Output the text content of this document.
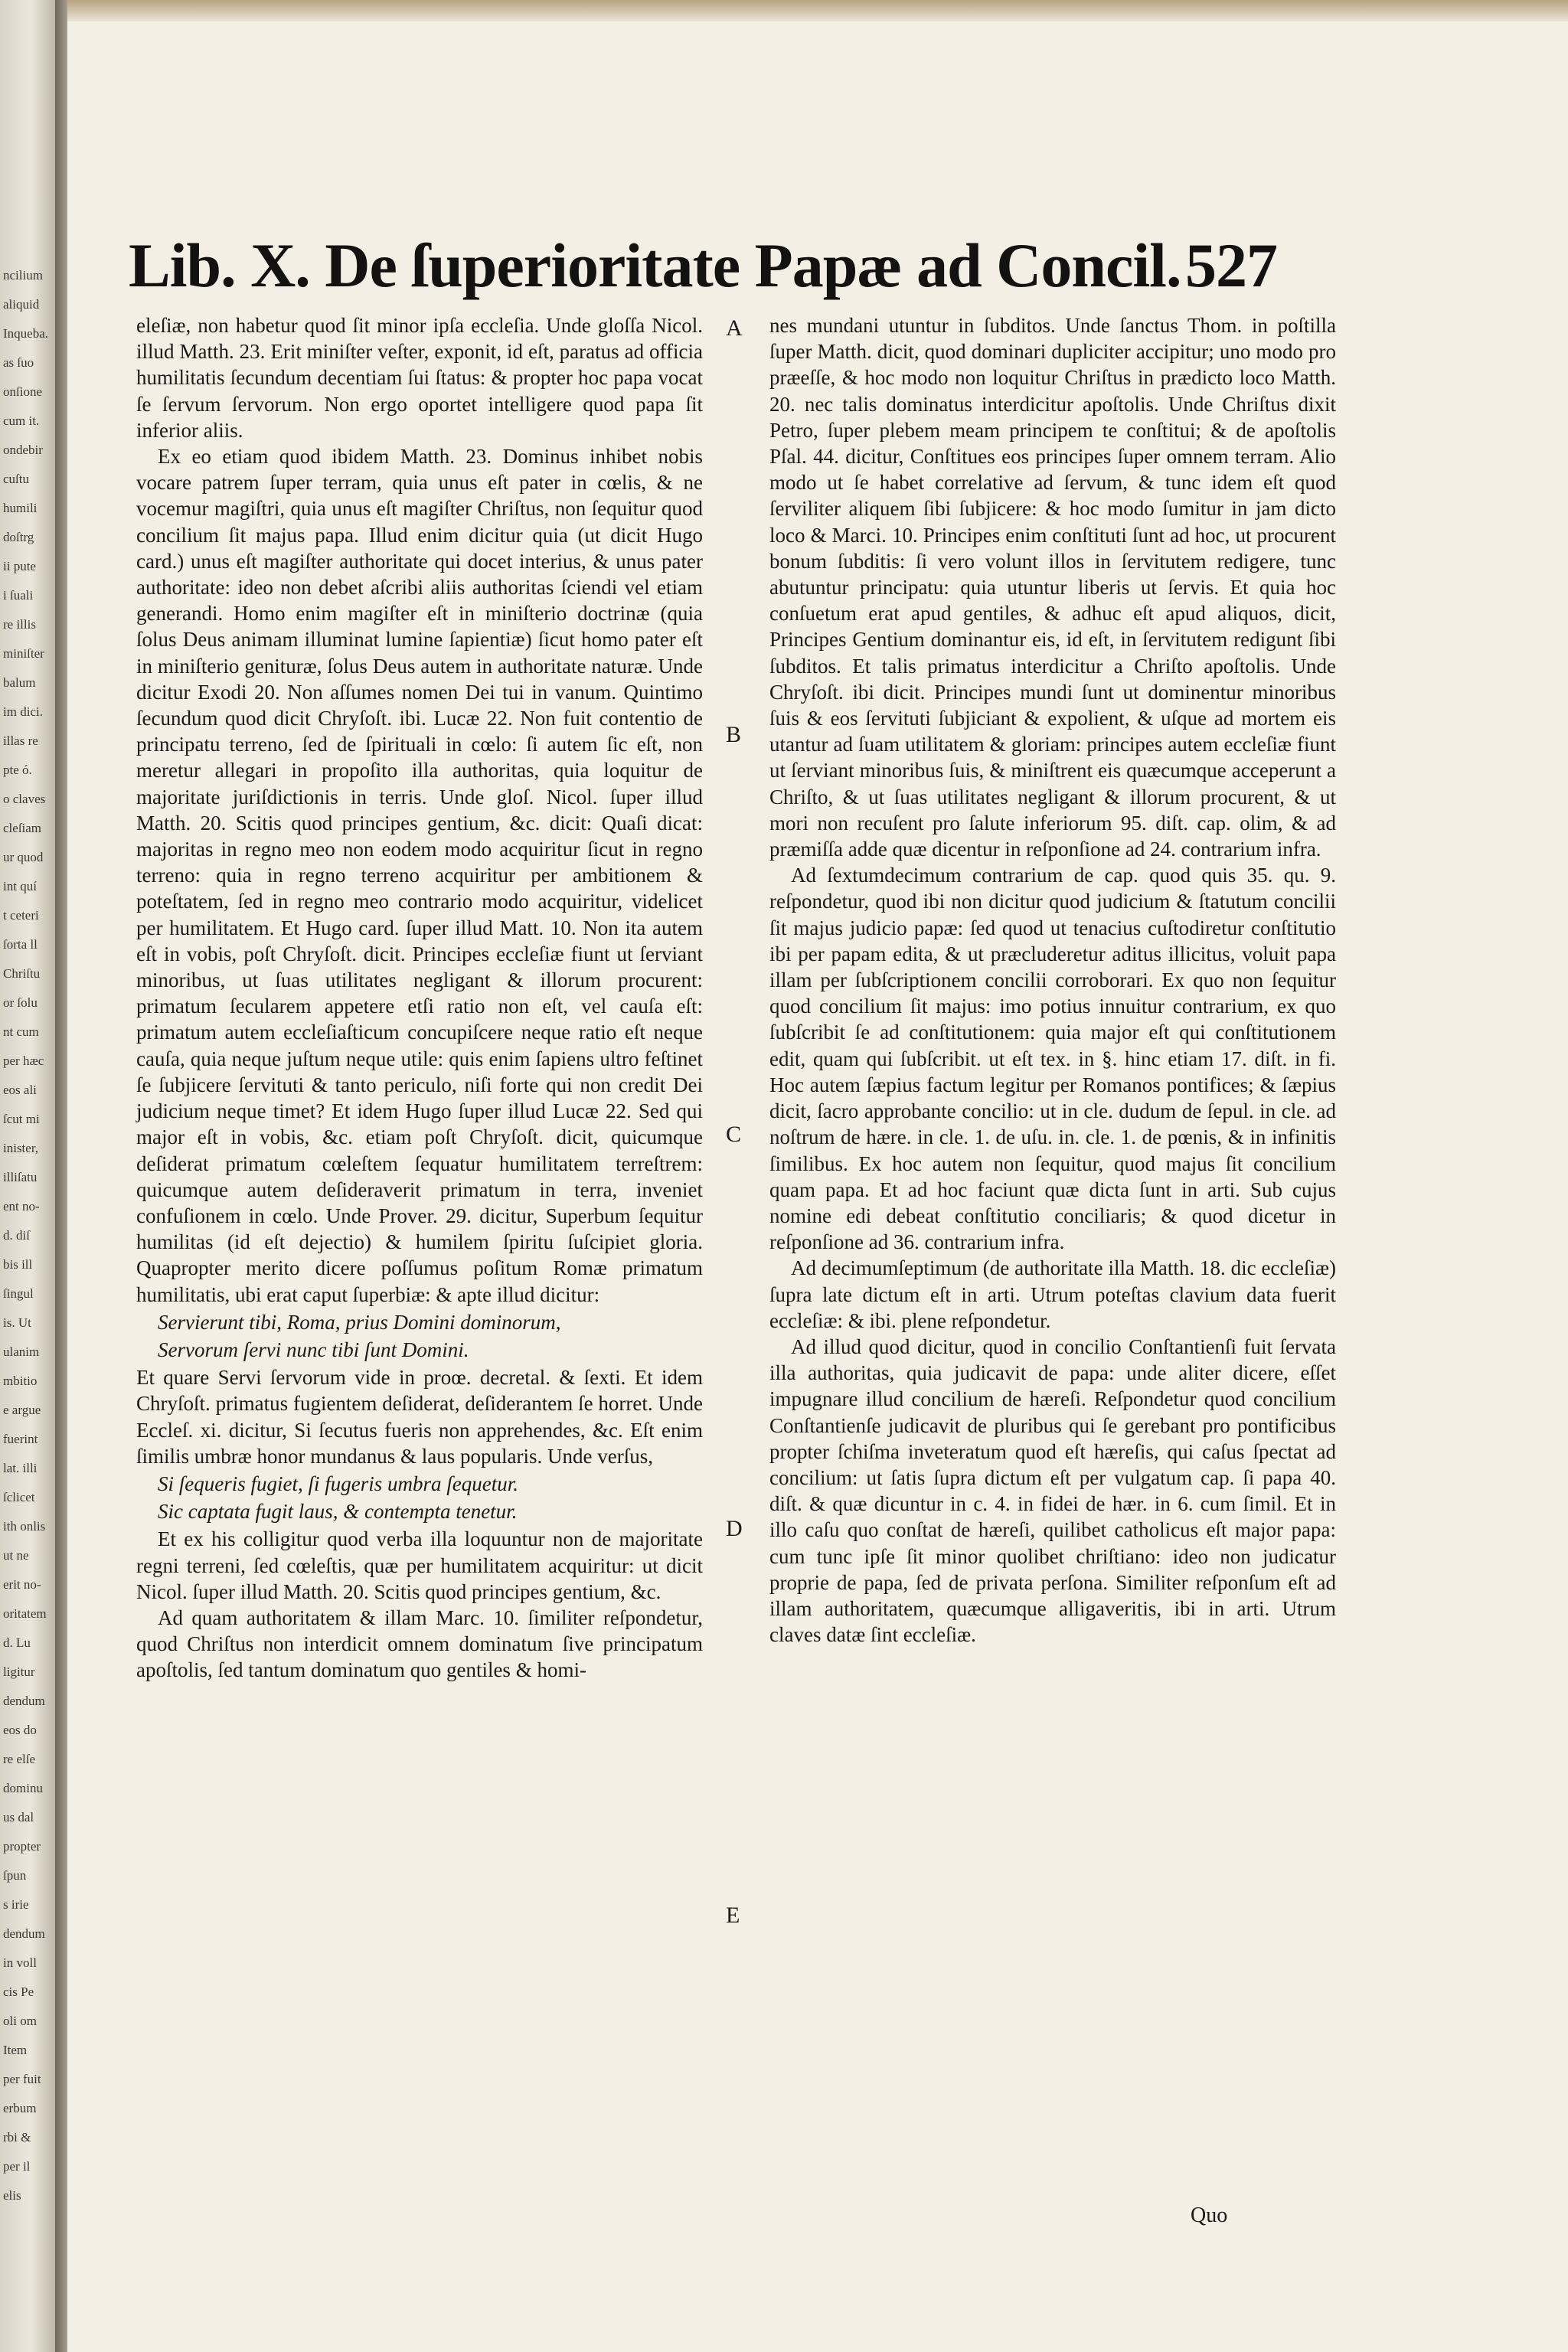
ncilium
aliquid
Inqueba.
as ſuo
onſione
cum it.
ondebir
cuſtu
humili
doſtrg
ii pute
i ſuali
re illis
miniſter
balum
im dici.
illas re
pte ó.
o claves
cleſiam
ur quod
int quí
t ceteri
ſorta ll
Chriſtu
or ſolu
nt cum
per hæc
eos ali
ſcut mi
inister,
illiſatu
ent no-
d. diſ
bis ill
ſingul
is. Ut
ulanim
mbitio
e argue
fuerint
lat. illi
ſclicet
ith onlis
ut ne
erit no-
oritatem
d. Lu
ligitur
dendum
eos do
re elſe
dominu
us dal
propter
ſpun
s irie
dendum
in voll
cis Pe
oli om
Item
per fuit
erbum
rbi &
per il
elis
Lib. X. De ſuperioritate Papæ ad Concil. 527

eleſiæ, non habetur quod ſit minor ipſa eccleſia. Unde gloſſa Nicol. illud Matth. 23. Erit miniſter veſter, exponit, id eſt, paratus ad officia humilitatis ſecundum decentiam ſui ſtatus: & propter hoc papa vocat ſe ſervum ſervorum. Non ergo oportet intelligere quod papa ſit inferior aliis.

Ex eo etiam quod ibidem Matth. 23. Dominus inhibet nobis vocare patrem ſuper terram, quia unus eſt pater in cœlis, & ne vocemur magiſtri, quia unus eſt magiſter Chriſtus, non ſequitur quod concilium ſit majus papa. Illud enim dicitur quia (ut dicit Hugo card.) unus eſt magiſter authoritate qui docet interius, & unus pater authoritate: ideo non debet aſcribi aliis authoritas ſciendi vel etiam generandi. Homo enim magiſter eſt in miniſterio doctrinæ (quia ſolus Deus animam illuminat lumine ſapientiæ) ſicut homo pater eſt in miniſterio genituræ, ſolus Deus autem in authoritate naturæ. Unde dicitur Exodi 20. Non aſſumes nomen Dei tui in vanum. Quintimo ſecundum quod dicit Chryſoſt. ibi. Lucæ 22. Non fuit contentio de principatu terreno, ſed de ſpirituali in cœlo: ſi autem ſic eſt, non meretur allegari in propoſito illa authoritas, quia loquitur de majoritate juriſdictionis in terris. Unde gloſ. Nicol. ſuper illud Matth. 20. Scitis quod principes gentium, &c. dicit: Quaſi dicat: majoritas in regno meo non eodem modo acquiritur ſicut in regno terreno: quia in regno terreno acquiritur per ambitionem & poteſtatem, ſed in regno meo contrario modo acquiritur, videlicet per humilitatem. Et Hugo card. ſuper illud Matt. 10. Non ita autem eſt in vobis, poſt Chryſoſt. dicit. Principes eccleſiæ fiunt ut ſerviant minoribus, ut ſuas utilitates negligant & illorum procurent: primatum ſecularem appetere etſi ratio non eſt, vel cauſa eſt: primatum autem eccleſiaſticum concupiſcere neque ratio eſt neque cauſa, quia neque juſtum neque utile: quis enim ſapiens ultro feſtinet ſe ſubjicere ſervituti & tanto periculo, niſi forte qui non credit Dei judicium neque timet? Et idem Hugo ſuper illud Lucæ 22. Sed qui major eſt in vobis, &c. etiam poſt Chryſoſt. dicit, quicumque deſiderat primatum cœleſtem ſequatur humilitatem terreſtrem: quicumque autem deſideraverit primatum in terra, inveniet confuſionem in cœlo. Unde Prover. 29. dicitur, Superbum ſequitur humilitas (id eſt dejectio) & humilem ſpiritu ſuſcipiet gloria. Quapropter merito dicere poſſumus poſitum Romæ primatum humilitatis, ubi erat caput ſuperbiæ: & apte illud dicitur:

Servierunt tibi, Roma, prius Domini dominorum,
Servorum ſervi nunc tibi ſunt Domini.

Et quare Servi ſervorum vide in proœ. decretal. & ſexti. Et idem Chryſoſt. primatus fugientem deſiderat, deſiderantem ſe horret. Unde Eccleſ. xi. dicitur, Si ſecutus fueris non apprehendes, &c. Eſt enim ſimilis umbræ honor mundanus & laus popularis. Unde verſus,

Si ſequeris fugiet, ſi fugeris umbra ſequetur.
Sic captata fugit laus, & contempta tenetur.

Et ex his colligitur quod verba illa loquuntur non de majoritate regni terreni, ſed cœleſtis, quæ per humilitatem acquiritur: ut dicit Nicol. ſuper illud Matth. 20. Scitis quod principes gentium, &c.

Ad quam authoritatem & illam Marc. 10. ſimiliter reſpondetur, quod Chriſtus non interdicit omnem dominatum ſive principatum apoſtolis, ſed tantum dominatum quo gentiles & homi-

nes mundani utuntur in ſubditos. Unde ſanctus Thom. in poſtilla ſuper Matth. dicit, quod dominari dupliciter accipitur; uno modo pro præeſſe, & hoc modo non loquitur Chriſtus in prædicto loco Matth. 20. nec talis dominatus interdicitur apoſtolis. Unde Chriſtus dixit Petro, ſuper plebem meam principem te conſtitui; & de apoſtolis Pſal. 44. dicitur, Conſtitues eos principes ſuper omnem terram. Alio modo ut ſe habet correlative ad ſervum, & tunc idem eſt quod ſerviliter aliquem ſibi ſubjicere: & hoc modo ſumitur in jam dicto loco & Marci. 10. Principes enim conſtituti ſunt ad hoc, ut procurent bonum ſubditis: ſi vero volunt illos in ſervitutem redigere, tunc abutuntur principatu: quia utuntur liberis ut ſervis. Et quia hoc conſuetum erat apud gentiles, & adhuc eſt apud aliquos, dicit, Principes Gentium dominantur eis, id eſt, in ſervitutem redigunt ſibi ſubditos. Et talis primatus interdicitur a Chriſto apoſtolis. Unde Chryſoſt. ibi dicit. Principes mundi ſunt ut dominentur minoribus ſuis & eos ſervituti ſubjiciant & expolient, & uſque ad mortem eis utantur ad ſuam utilitatem & gloriam: principes autem eccleſiæ fiunt ut ſerviant minoribus ſuis, & miniſtrent eis quæcumque acceperunt a Chriſto, & ut ſuas utilitates negligant & illorum procurent, & ut mori non recuſent pro ſalute inferiorum 95. diſt. cap. olim, & ad præmiſſa adde quæ dicentur in reſponſione ad 24. contrarium infra.

Ad ſextumdecimum contrarium de cap. quod quis 35. qu. 9. reſpondetur, quod ibi non dicitur quod judicium & ſtatutum concilii ſit majus judicio papæ: ſed quod ut tenacius cuſtodiretur conſtitutio ibi per papam edita, & ut præcluderetur aditus illicitus, voluit papa illam per ſubſcriptionem concilii corroborari. Ex quo non ſequitur quod concilium ſit majus: imo potius innuitur contrarium, ex quo ſubſcribit ſe ad conſtitutionem: quia major eſt qui conſtitutionem edit, quam qui ſubſcribit. ut eſt tex. in §. hinc etiam 17. diſt. in fi. Hoc autem ſæpius factum legitur per Romanos pontifices; & ſæpius dicit, ſacro approbante concilio: ut in cle. dudum de ſepul. in cle. ad noſtrum de hære. in cle. 1. de uſu. in. cle. 1. de pœnis, & in infinitis ſimilibus. Ex hoc autem non ſequitur, quod majus ſit concilium quam papa. Et ad hoc faciunt quæ dicta ſunt in arti. Sub cujus nomine edi debeat conſtitutio conciliaris; & quod dicetur in reſponſione ad 36. contrarium infra.

Ad decimumſeptimum (de authoritate illa Matth. 18. dic eccleſiæ) ſupra late dictum eſt in arti. Utrum poteſtas clavium data fuerit eccleſiæ: & ibi. plene reſpondetur.

Ad illud quod dicitur, quod in concilio Conſtantienſi fuit ſervata illa authoritas, quia judicavit de papa: unde aliter dicere, eſſet impugnare illud concilium de hæreſi. Reſpondetur quod concilium Conſtantienſe judicavit de pluribus qui ſe gerebant pro pontificibus propter ſchiſma inveteratum quod eſt hæreſis, qui caſus ſpectat ad concilium: ut ſatis ſupra dictum eſt per vulgatum cap. ſi papa 40. diſt. & quæ dicuntur in c. 4. in fidei de hær. in 6. cum ſimil. Et in illo caſu quo conſtat de hæreſi, quilibet catholicus eſt major papa: cum tunc ipſe ſit minor quolibet chriſtiano: ideo non judicatur proprie de papa, ſed de privata perſona. Similiter reſponſum eſt ad illam authoritatem, quæcumque alligaveritis, ibi in arti. Utrum claves datæ ſint eccleſiæ.

A
B
C
D
E
Quo
